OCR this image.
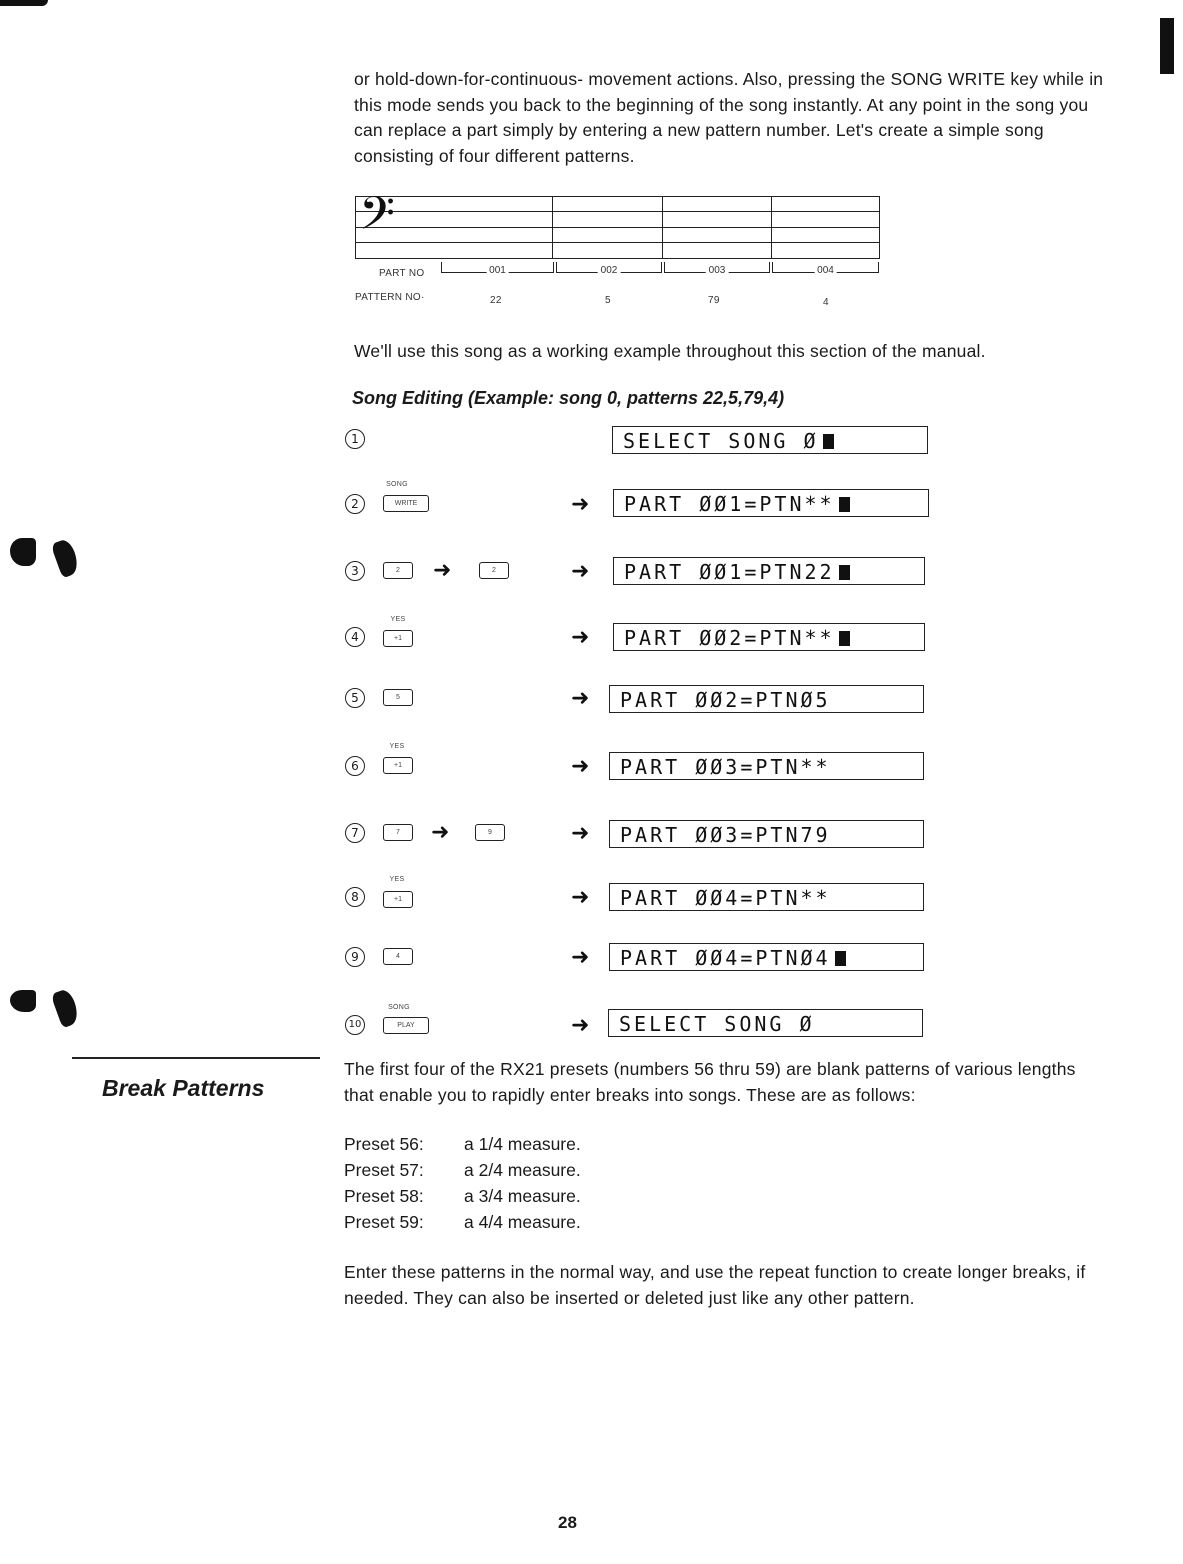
or hold-down-for-continuous- movement actions. Also, pressing the SONG WRITE key while in this mode sends you back to the beginning of the song instantly. At any point in the song you can replace a part simply by entering a new pattern number. Let's create a simple song consisting of four different patterns.

𝄢
PART NO	001	002	003	004
PATTERN NO·	22	5	79	4

We'll use this song as a working example throughout this section of the manual.

Song Editing (Example: song 0, patterns 22,5,79,4)
1	SELECT SONG Ø
2
SONG
WRITE	➜	PART ØØ1=PTN**
3	2	➜	2	➜	PART ØØ1=PTN22
4
YES
+1	➜	PART ØØ2=PTN**
5	5	➜	PART ØØ2=PTNØ5
6
YES
+1	➜	PART ØØ3=PTN**
7	7	➜	9	➜	PART ØØ3=PTN79
8
YES
+1	➜	PART ØØ4=PTN**
9	4	➜	PART ØØ4=PTNØ4
10
SONG
PLAY	➜	SELECT SONG Ø
Break Patterns

The first four of the RX21 presets (numbers 56 thru 59) are blank patterns of various lengths that enable you to rapidly enter breaks into songs. These are as follows:

Preset 56: a 1/4 measure.
Preset 57: a 2/4 measure.
Preset 58: a 3/4 measure.
Preset 59: a 4/4 measure.

Enter these patterns in the normal way, and use the repeat function to create longer breaks, if needed. They can also be inserted or deleted just like any other pattern.

28
